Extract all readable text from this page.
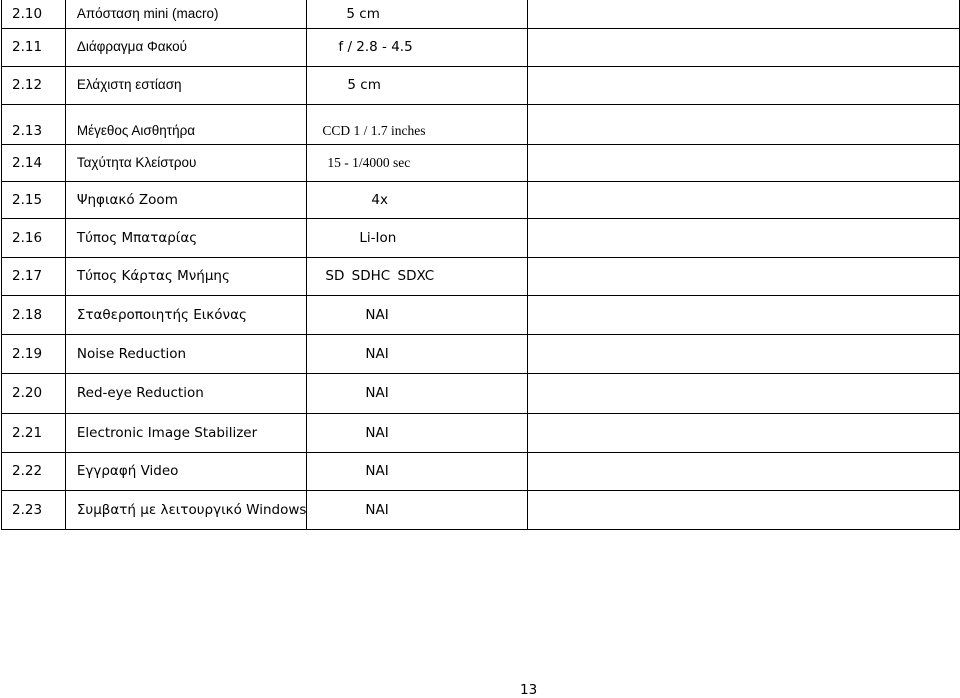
2.10	Απόσταση mini (macro)	5 cm	
2.11	Διάφραγμα Φακού	f / 2.8 - 4.5	
2.12	Ελάχιστη εστίαση	5 cm	
2.13	Μέγεθος Αισθητήρα	CCD 1 / 1.7 inches	
2.14	Ταχύτητα Κλείστρου	15 - 1/4000 sec	
2.15	Ψηφιακό Zoom	4x	
2.16	Τύπος Μπαταρίας	Li-Ion	
2.17	Τύπος Κάρτας Μνήμης	SD SDHC SDXC	
2.18	Σταθεροποιητής Εικόνας	ΝΑΙ	
2.19	Noise Reduction	ΝΑΙ	
2.20	Red-eye Reduction	ΝΑΙ	
2.21	Electronic Image Stabilizer	ΝΑΙ	
2.22	Εγγραφή Video	ΝΑΙ	
2.23	Συμβατή με λειτουργικό Windows	ΝΑΙ	
13
